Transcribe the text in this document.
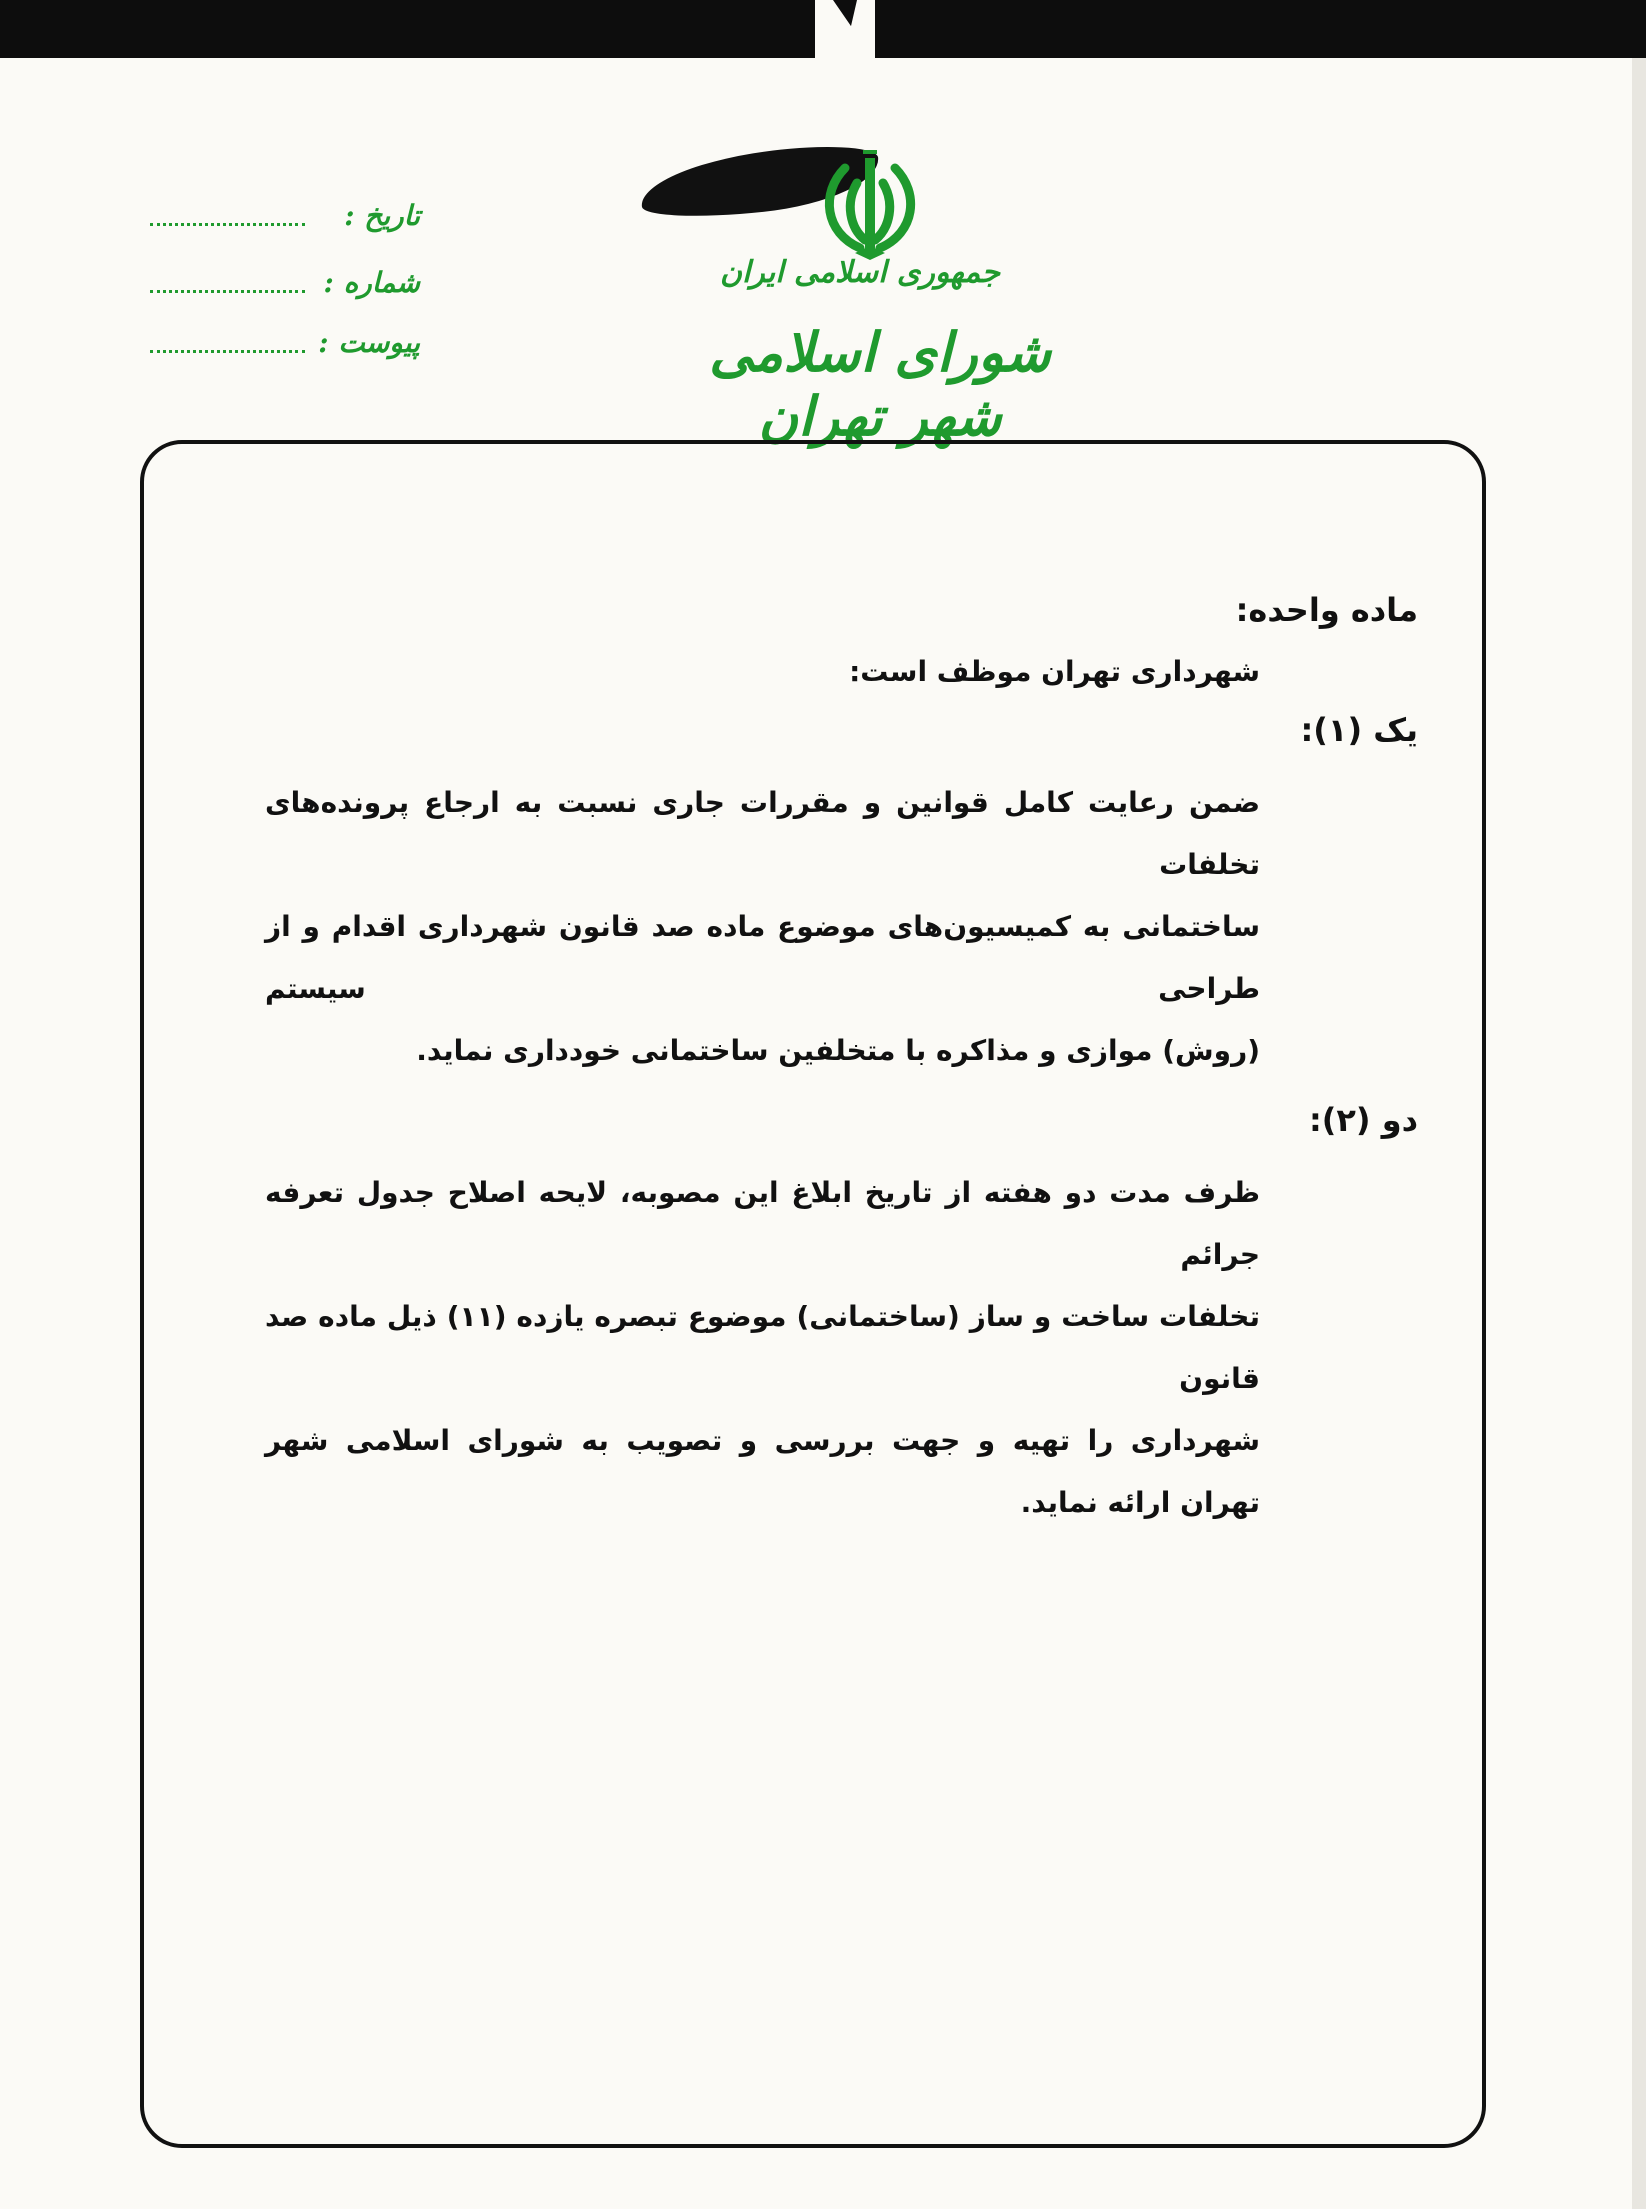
جمهوری اسلامی ایران
شورای اسلامی شهر تهران
تاریخ :
شماره :
پیوست :
ماده واحده:
شهرداری تهران موظف است:
یک (۱):
ضمن رعایت کامل قوانین و مقررات جاری نسبت به ارجاع پرونده‌های تخلفات
ساختمانی به کمیسیون‌های موضوع ماده صد قانون شهرداری اقدام و از طراحی سیستم
(روش) موازی و مذاکره با متخلفین ساختمانی خودداری نماید.
دو (۲):
ظرف مدت دو هفته از تاریخ ابلاغ این مصوبه، لایحه اصلاح جدول تعرفه جرائم
تخلفات ساخت و ساز (ساختمانی) موضوع تبصره یازده (۱۱) ذیل ماده صد قانون
شهرداری را تهیه و جهت بررسی و تصویب به شورای اسلامی شهر تهران ارائه نماید.
